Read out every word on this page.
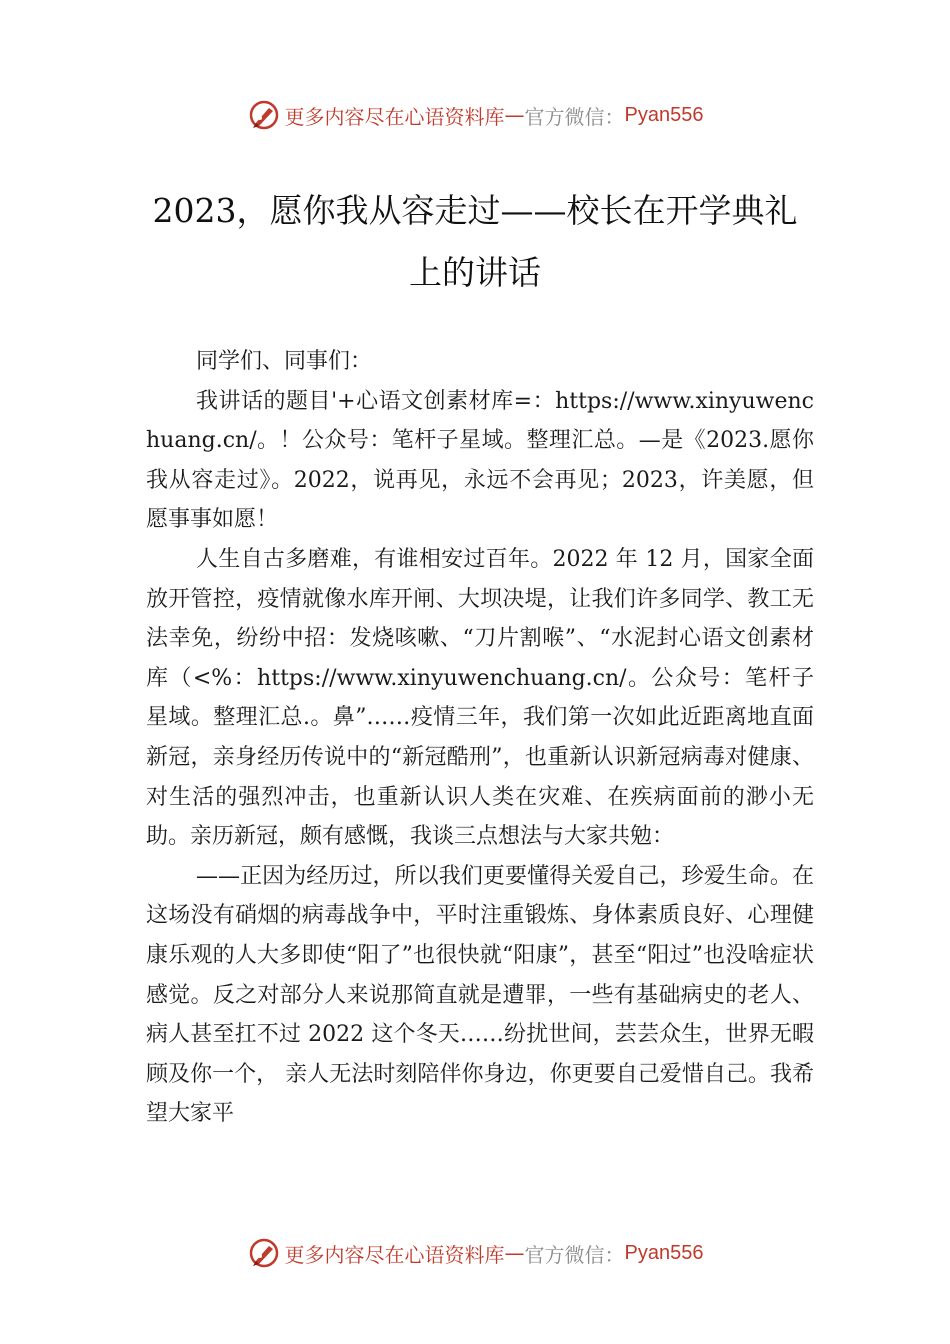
更多内容尽在心语资料库 — 官方微信： Pyan556
2023，愿你我从容走过——校长在开学典礼上的讲话

同学们、同事们：

我讲话的题目'+心语文创素材库=：https://www.xinyuwenchuang.cn/。！公众号：笔杆子星域。整理汇总。—是《2023.愿你我从容走过》。2022，说再见，永远不会再见；2023，许美愿，但愿事事如愿！

人生自古多磨难，有谁相安过百年。2022 年 12 月，国家全面放开管控，疫情就像水库开闸、大坝决堤，让我们许多同学、教工无法幸免，纷纷中招：发烧咳嗽、“刀片割喉”、“水泥封心语文创素材库（<%：https://www.xinyuwenchuang.cn/。公众号：笔杆子星域。整理汇总.。鼻”……疫情三年，我们第一次如此近距离地直面新冠，亲身经历传说中的“新冠酷刑”，也重新认识新冠病毒对健康、对生活的强烈冲击，也重新认识人类在灾难、在疾病面前的渺小无助。亲历新冠，颇有感慨，我谈三点想法与大家共勉：

——正因为经历过，所以我们更要懂得关爱自己，珍爱生命。在这场没有硝烟的病毒战争中，平时注重锻炼、身体素质良好、心理健康乐观的人大多即使“阳了”也很快就“阳康”，甚至“阳过”也没啥症状感觉。反之对部分人来说那简直就是遭罪，一些有基础病史的老人、病人甚至扛不过 2022 这个冬天……纷扰世间，芸芸众生，世界无暇顾及你一个， 亲人无法时刻陪伴你身边，你更要自己爱惜自己。我希望大家平

更多内容尽在心语资料库 — 官方微信： Pyan556
